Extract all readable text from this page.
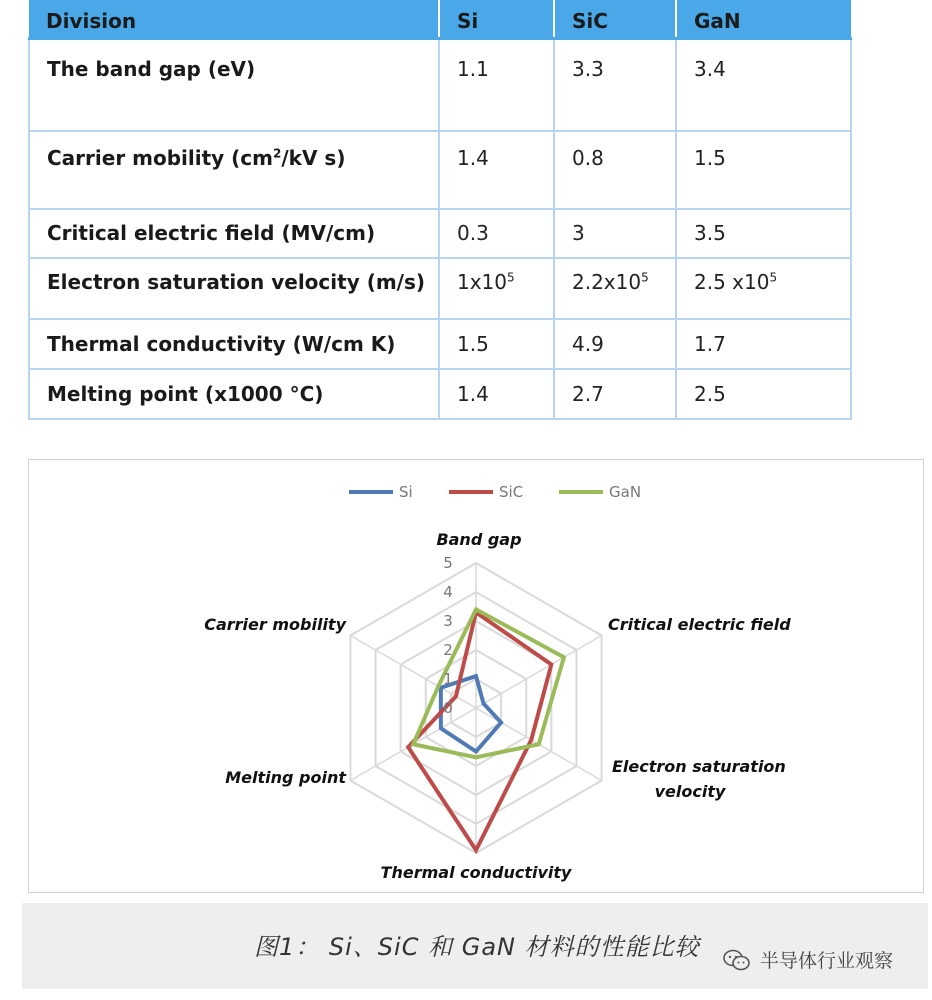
Division	Si	SiC	GaN
The band gap (eV)	1.1	3.3	3.4
Carrier mobility ($cm^2/kV$ s)	1.4	0.8	1.5
Critical electric field (MV/cm)	0.3	3	3.5
Electron saturation velocity (m/s)	$1x10^5$	$2.2x10^5$	2.5 $x10^5$
Thermal conductivity (W/cm K)	1.5	4.9	1.7
Melting point (x1000 °C)	1.4	2.7	2.5
0
1
2
3
4
5
Band gap
Critical electric field
Electron saturation
velocity
Thermal conductivity
Melting point
Carrier mobility
Si	SiC	GaN
图1： Si、SiC 和 GaN 材料的性能比较	半导体行业观察
